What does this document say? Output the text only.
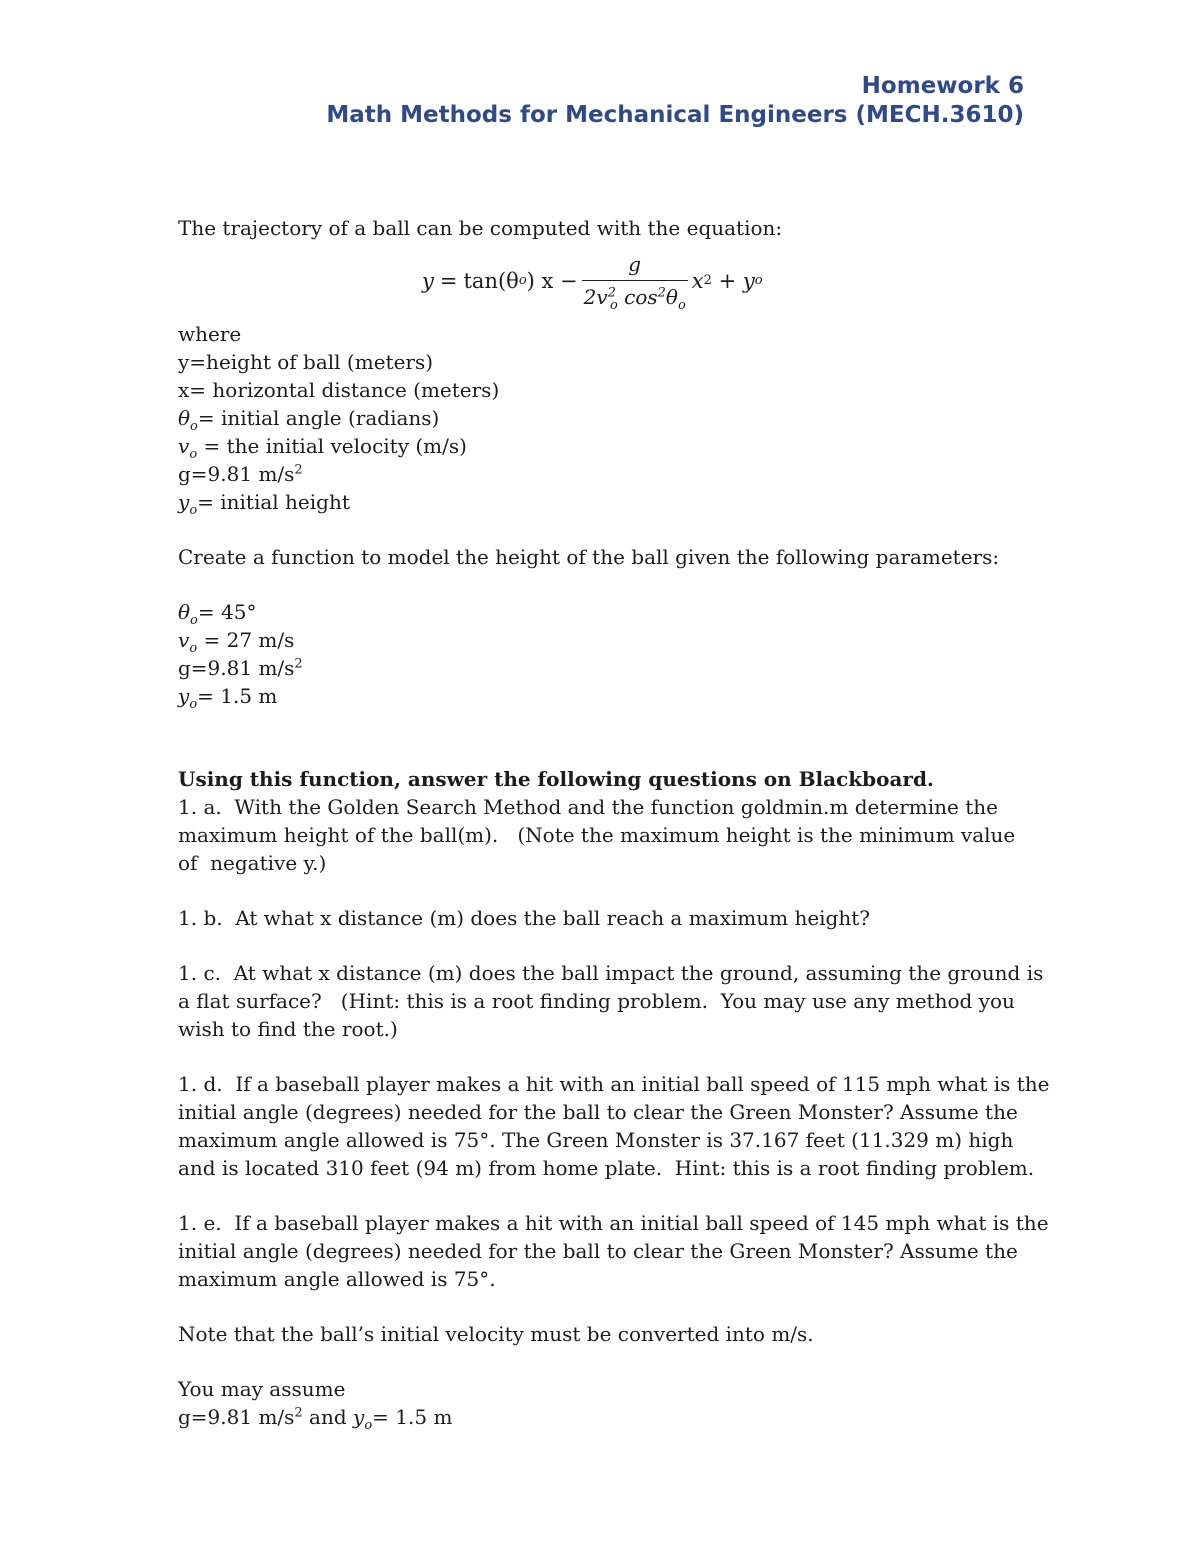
Homework 6
Math Methods for Mechanical Engineers (MECH.3610)
The trajectory of a ball can be computed with the equation:
y = tan(θ o ) $x - \frac{g}{2v^2_o \cos^2\theta_o}$ x 2 + y o
where
y=height of ball (meters)
x= horizontal distance (meters)
$\theta_o=$ initial angle (radians)
$v_o$ = the initial velocity (m/s)
g=9.81 $m/s^2$
$y_o=$ initial height
Create a function to model the height of the ball given the following parameters:
$\theta_o= 45^\circ$
$v_o = 27$ m/s
g=9.81 $m/s^2$
$y_o= 1.5$ m
Using this function, answer the following questions on Blackboard.
1. a.  With the Golden Search Method and the function goldmin.m determine the
maximum height of the ball(m).   (Note the maximum height is the minimum value
of  negative y.)
1. b.  At what x distance (m) does the ball reach a maximum height?
1. c.  At what x distance (m) does the ball impact the ground, assuming the ground is
a flat surface?   (Hint: this is a root finding problem.  You may use any method you
wish to find the root.)
1. d.  If a baseball player makes a hit with an initial ball speed of 115 mph what is the
initial angle (degrees) needed for the ball to clear the Green Monster? Assume the
maximum angle allowed is 75°. The Green Monster is 37.167 feet (11.329 m) high
and is located 310 feet (94 m) from home plate.  Hint: this is a root finding problem.
1. e.  If a baseball player makes a hit with an initial ball speed of 145 mph what is the
initial angle (degrees) needed for the ball to clear the Green Monster? Assume the
maximum angle allowed is 75°.
Note that the ball’s initial velocity must be converted into m/s.
You may assume
g=9.81 $m/s^2$ and $y_o= 1.5$ m
